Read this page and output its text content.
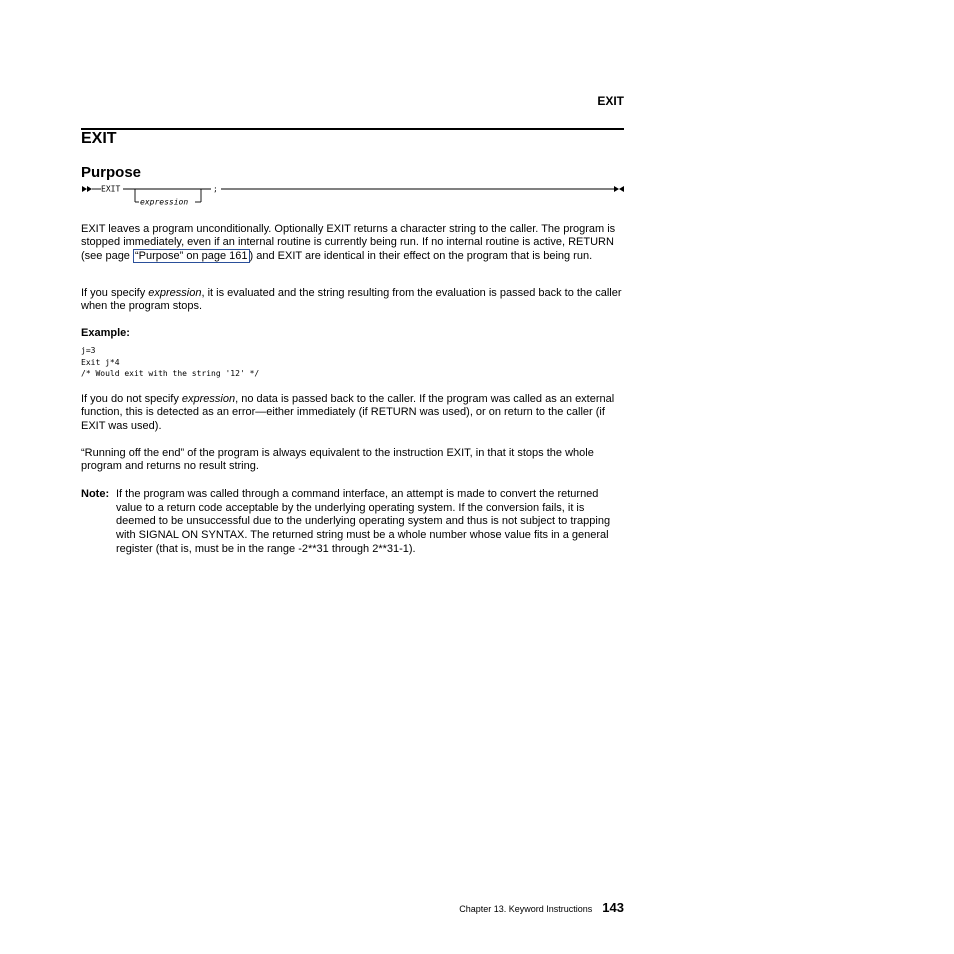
EXIT
EXIT
Purpose
EXIT
expression
;

EXIT leaves a program unconditionally. Optionally EXIT returns a character string to the caller. The program is stopped immediately, even if an internal routine is currently being run. If no internal routine is active, RETURN (see page “Purpose” on page 161 ) and EXIT are identical in their effect on the program that is being run.

If you specify expression, it is evaluated and the string resulting from the evaluation is passed back to the caller when the program stops.

Example:
j=3
Exit j*4
/* Would exit with the string '12' */

If you do not specify expression, no data is passed back to the caller. If the program was called as an external function, this is detected as an error—either immediately (if RETURN was used), or on return to the caller (if EXIT was used).

“Running off the end” of the program is always equivalent to the instruction EXIT, in that it stops the whole program and returns no result string.

Note: If the program was called through a command interface, an attempt is made to convert the returned value to a return code acceptable by the underlying operating system. If the conversion fails, it is deemed to be unsuccessful due to the underlying operating system and thus is not subject to trapping with SIGNAL ON SYNTAX. The returned string must be a whole number whose value fits in a general register (that is, must be in the range -2**31 through 2**31-1).
Chapter 13. Keyword Instructions 143
